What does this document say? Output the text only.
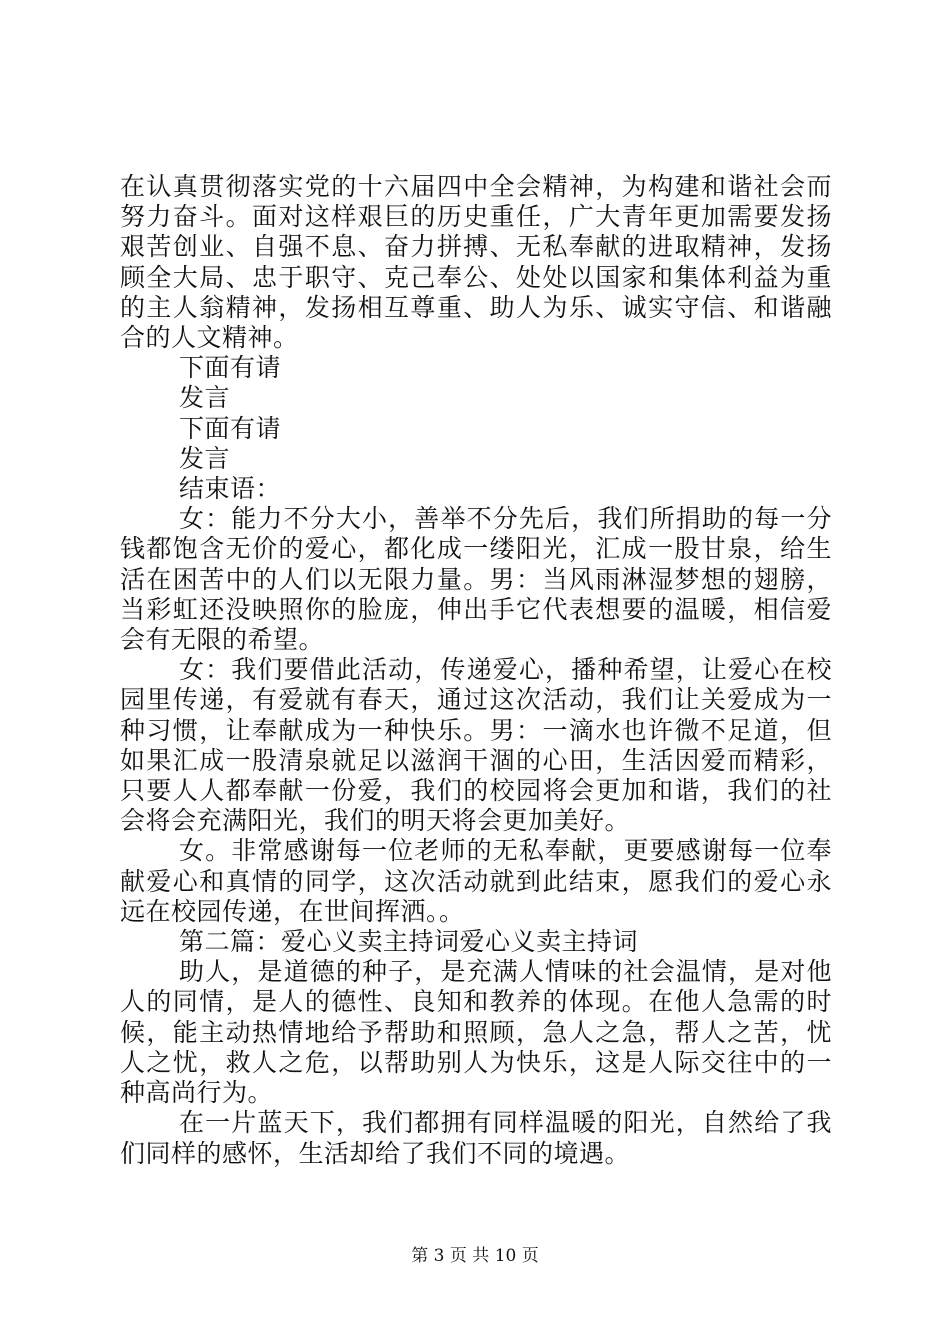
在认真贯彻落实党的十六届四中全会精神，为构建和谐社会而努力奋斗。面对这样艰巨的历史重任，广大青年更加需要发扬艰苦创业、自强不息、奋力拼搏、无私奉献的进取精神，发扬顾全大局、忠于职守、克己奉公、处处以国家和集体利益为重的主人翁精神，发扬相互尊重、助人为乐、诚实守信、和谐融合的人文精神。

下面有请

发言

下面有请

发言

结束语：

女：能力不分大小，善举不分先后，我们所捐助的每一分钱都饱含无价的爱心，都化成一缕阳光，汇成一股甘泉，给生活在困苦中的人们以无限力量。男：当风雨淋湿梦想的翅膀，当彩虹还没映照你的脸庞，伸出手它代表想要的温暖，相信爱会有无限的希望。

女：我们要借此活动，传递爱心，播种希望，让爱心在校园里传递，有爱就有春天，通过这次活动，我们让关爱成为一种习惯，让奉献成为一种快乐。男：一滴水也许微不足道，但如果汇成一股清泉就足以滋润干涸的心田，生活因爱而精彩，只要人人都奉献一份爱，我们的校园将会更加和谐，我们的社会将会充满阳光，我们的明天将会更加美好。

女。非常感谢每一位老师的无私奉献，更要感谢每一位奉献爱心和真情的同学，这次活动就到此结束，愿我们的爱心永远在校园传递，在世间挥洒。。

第二篇：爱心义卖主持词爱心义卖主持词

助人，是道德的种子，是充满人情味的社会温情，是对他人的同情，是人的德性、良知和教养的体现。在他人急需的时候，能主动热情地给予帮助和照顾，急人之急，帮人之苦，忧人之忧，救人之危，以帮助别人为快乐，这是人际交往中的一种高尚行为。

在一片蓝天下，我们都拥有同样温暖的阳光，自然给了我们同样的感怀，生活却给了我们不同的境遇。

第 3 页 共 10 页
